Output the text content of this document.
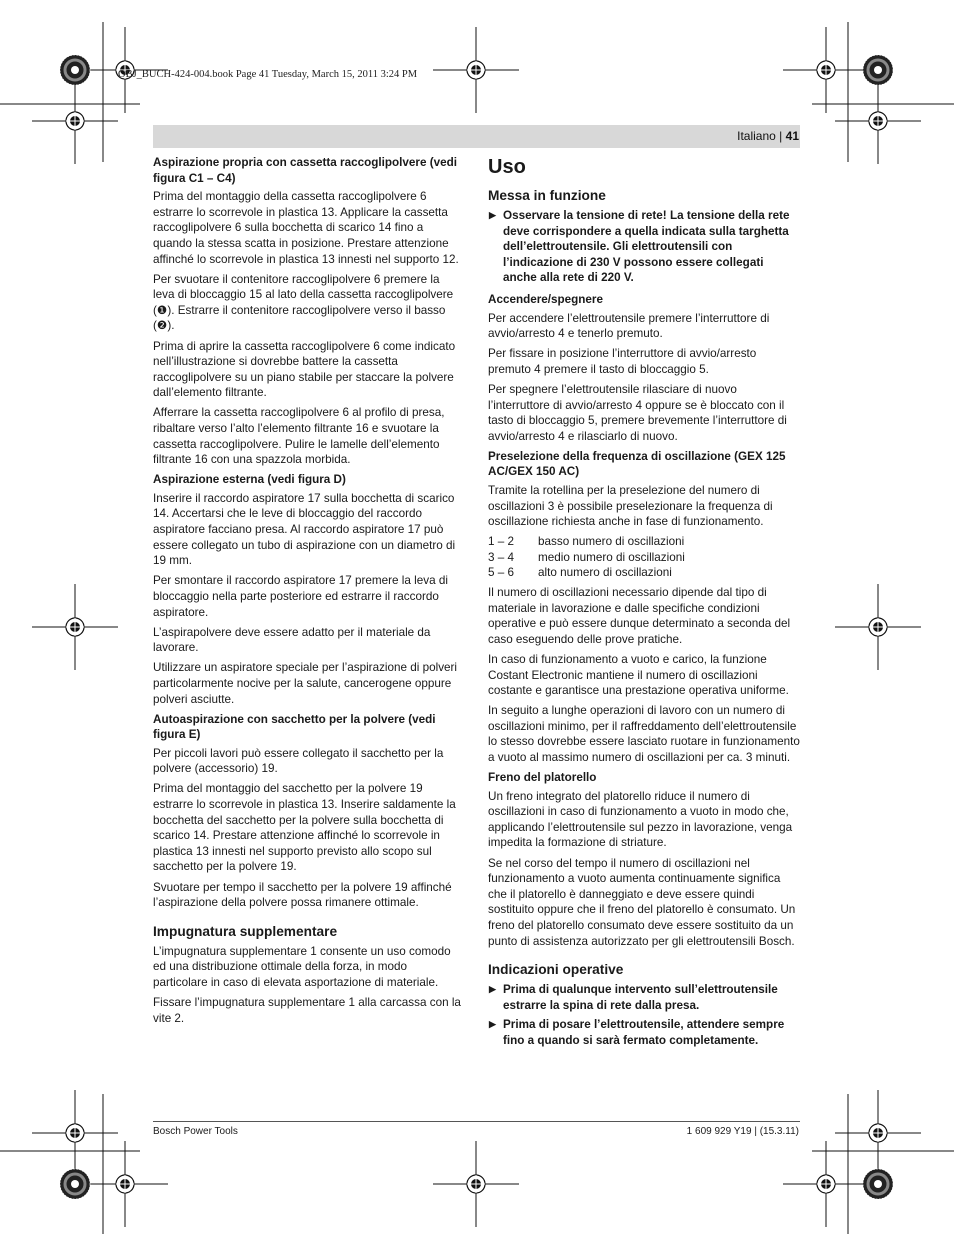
OBJ_BUCH-424-004.book Page 41 Tuesday, March 15, 2011 3:24 PM
Italiano | 41
Aspirazione propria con cassetta raccoglipolvere (vedi figura C1 – C4)

Prima del montaggio della cassetta raccoglipolvere 6 estrarre lo scorrevole in plastica 13. Applicare la cassetta raccoglipolvere 6 sulla bocchetta di scarico 14 fino a quando la stessa scatta in posizione. Prestare attenzione affinché lo scorrevole in plastica 13 innesti nel supporto 12.

Per svuotare il contenitore raccoglipolvere 6 premere la leva di bloccaggio 15 al lato della cassetta raccoglipolvere (❶). Estrarre il contenitore raccoglipolvere verso il basso (❷).

Prima di aprire la cassetta raccoglipolvere 6 come indicato nell’illustrazione si dovrebbe battere la cassetta raccoglipolvere su un piano stabile per staccare la polvere dall’elemento filtrante.

Afferrare la cassetta raccoglipolvere 6 al profilo di presa, ribaltare verso l’alto l’elemento filtrante 16 e svuotare la cassetta raccoglipolvere. Pulire le lamelle dell’elemento filtrante 16 con una spazzola morbida.

Aspirazione esterna (vedi figura D)

Inserire il raccordo aspiratore 17 sulla bocchetta di scarico 14. Accertarsi che le leve di bloccaggio del raccordo aspiratore facciano presa. Al raccordo aspiratore 17 può essere collegato un tubo di aspirazione con un diametro di 19 mm.

Per smontare il raccordo aspiratore 17 premere la leva di bloccaggio nella parte posteriore ed estrarre il raccordo aspiratore.

L’aspirapolvere deve essere adatto per il materiale da lavorare.

Utilizzare un aspiratore speciale per l’aspirazione di polveri particolarmente nocive per la salute, cancerogene oppure polveri asciutte.

Autoaspirazione con sacchetto per la polvere (vedi figura E)

Per piccoli lavori può essere collegato il sacchetto per la polvere (accessorio) 19.

Prima del montaggio del sacchetto per la polvere 19 estrarre lo scorrevole in plastica 13. Inserire saldamente la bocchetta del sacchetto per la polvere sulla bocchetta di scarico 14. Prestare attenzione affinché lo scorrevole in plastica 13 innesti nel supporto previsto allo scopo sul sacchetto per la polvere 19.

Svuotare per tempo il sacchetto per la polvere 19 affinché l’aspirazione della polvere possa rimanere ottimale.

Impugnatura supplementare

L’impugnatura supplementare 1 consente un uso comodo ed una distribuzione ottimale della forza, in modo particolare in caso di elevata asportazione di materiale.

Fissare l’impugnatura supplementare 1 alla carcassa con la vite 2.

Uso
Messa in funzione

▶ Osservare la tensione di rete! La tensione della rete deve corrispondere a quella indicata sulla targhetta dell’elettroutensile. Gli elettroutensili con l’indicazione di 230 V possono essere collegati anche alla rete di 220 V.

Accendere/spegnere

Per accendere l’elettroutensile premere l’interruttore di avvio/arresto 4 e tenerlo premuto.

Per fissare in posizione l’interruttore di avvio/arresto premuto 4 premere il tasto di bloccaggio 5.

Per spegnere l’elettroutensile rilasciare di nuovo l’interruttore di avvio/arresto 4 oppure se è bloccato con il tasto di bloccaggio 5, premere brevemente l’interruttore di avvio/arresto 4 e rilasciarlo di nuovo.

Preselezione della frequenza di oscillazione (GEX 125 AC/GEX 150 AC)

Tramite la rotellina per la preselezione del numero di oscillazioni 3 è possibile preselezionare la frequenza di oscillazione richiesta anche in fase di funzionamento.

1 – 2	basso numero di oscillazioni
3 – 4	medio numero di oscillazioni
5 – 6	alto numero di oscillazioni

Il numero di oscillazioni necessario dipende dal tipo di materiale in lavorazione e dalle specifiche condizioni operative e può essere dunque determinato a seconda del caso eseguendo delle prove pratiche.

In caso di funzionamento a vuoto e carico, la funzione Costant Electronic mantiene il numero di oscillazioni costante e garantisce una prestazione operativa uniforme.

In seguito a lunghe operazioni di lavoro con un numero di oscillazioni minimo, per il raffreddamento dell’elettroutensile lo stesso dovrebbe essere lasciato ruotare in funzionamento a vuoto al massimo numero di oscillazioni per ca. 3 minuti.

Freno del platorello

Un freno integrato del platorello riduce il numero di oscillazioni in caso di funzionamento a vuoto in modo che, applicando l’elettroutensile sul pezzo in lavorazione, venga impedita la formazione di striature.

Se nel corso del tempo il numero di oscillazioni nel funzionamento a vuoto aumenta continuamente significa che il platorello è danneggiato e deve essere quindi sostituito oppure che il freno del platorello è consumato. Un freno del platorello consumato deve essere sostituito da un punto di assistenza autorizzato per gli elettroutensili Bosch.

Indicazioni operative

▶ Prima di qualunque intervento sull’elettroutensile estrarre la spina di rete dalla presa.

▶ Prima di posare l’elettroutensile, attendere sempre fino a quando si sarà fermato completamente.

Bosch Power Tools	1 609 929 Y19 | (15.3.11)
